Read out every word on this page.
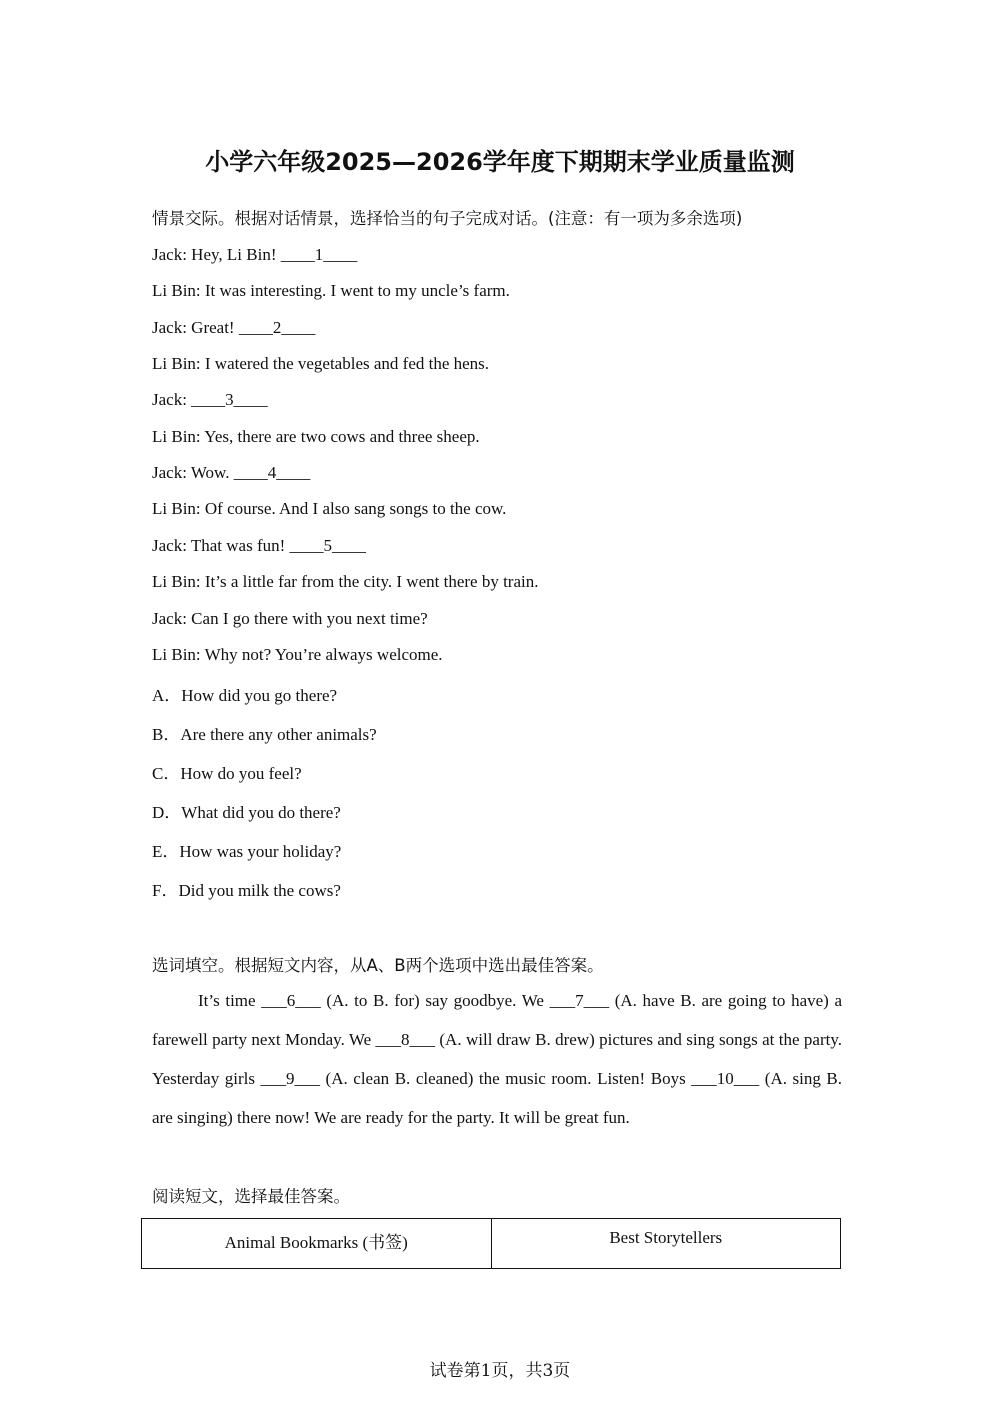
小学六年级2025—2026学年度下期期末学业质量监测
情景交际。根据对话情景，选择恰当的句子完成对话。(注意：有一项为多余选项)
Jack: Hey, Li Bin! ____1____
Li Bin: It was interesting. I went to my uncle’s farm.
Jack: Great! ____2____
Li Bin: I watered the vegetables and fed the hens.
Jack: ____3____
Li Bin: Yes, there are two cows and three sheep.
Jack: Wow. ____4____
Li Bin: Of course. And I also sang songs to the cow.
Jack: That was fun! ____5____
Li Bin: It’s a little far from the city. I went there by train.
Jack: Can I go there with you next time?
Li Bin: Why not? You’re always welcome.
A．How did you go there?
B．Are there any other animals?
C．How do you feel?
D．What did you do there?
E．How was your holiday?
F．Did you milk the cows?
选词填空。根据短文内容，从A、B两个选项中选出最佳答案。
It’s time ___6___ (A. to B. for) say goodbye. We ___7___ (A. have B. are going to have) a farewell party next Monday. We ___8___ (A. will draw B. drew) pictures and sing songs at the party. Yesterday girls ___9___ (A. clean B. cleaned) the music room. Listen! Boys ___10___ (A. sing B. are singing) there now! We are ready for the party. It will be great fun.
阅读短文，选择最佳答案。
Animal Bookmarks (书签)	Best Storytellers
试卷第1页，共3页
